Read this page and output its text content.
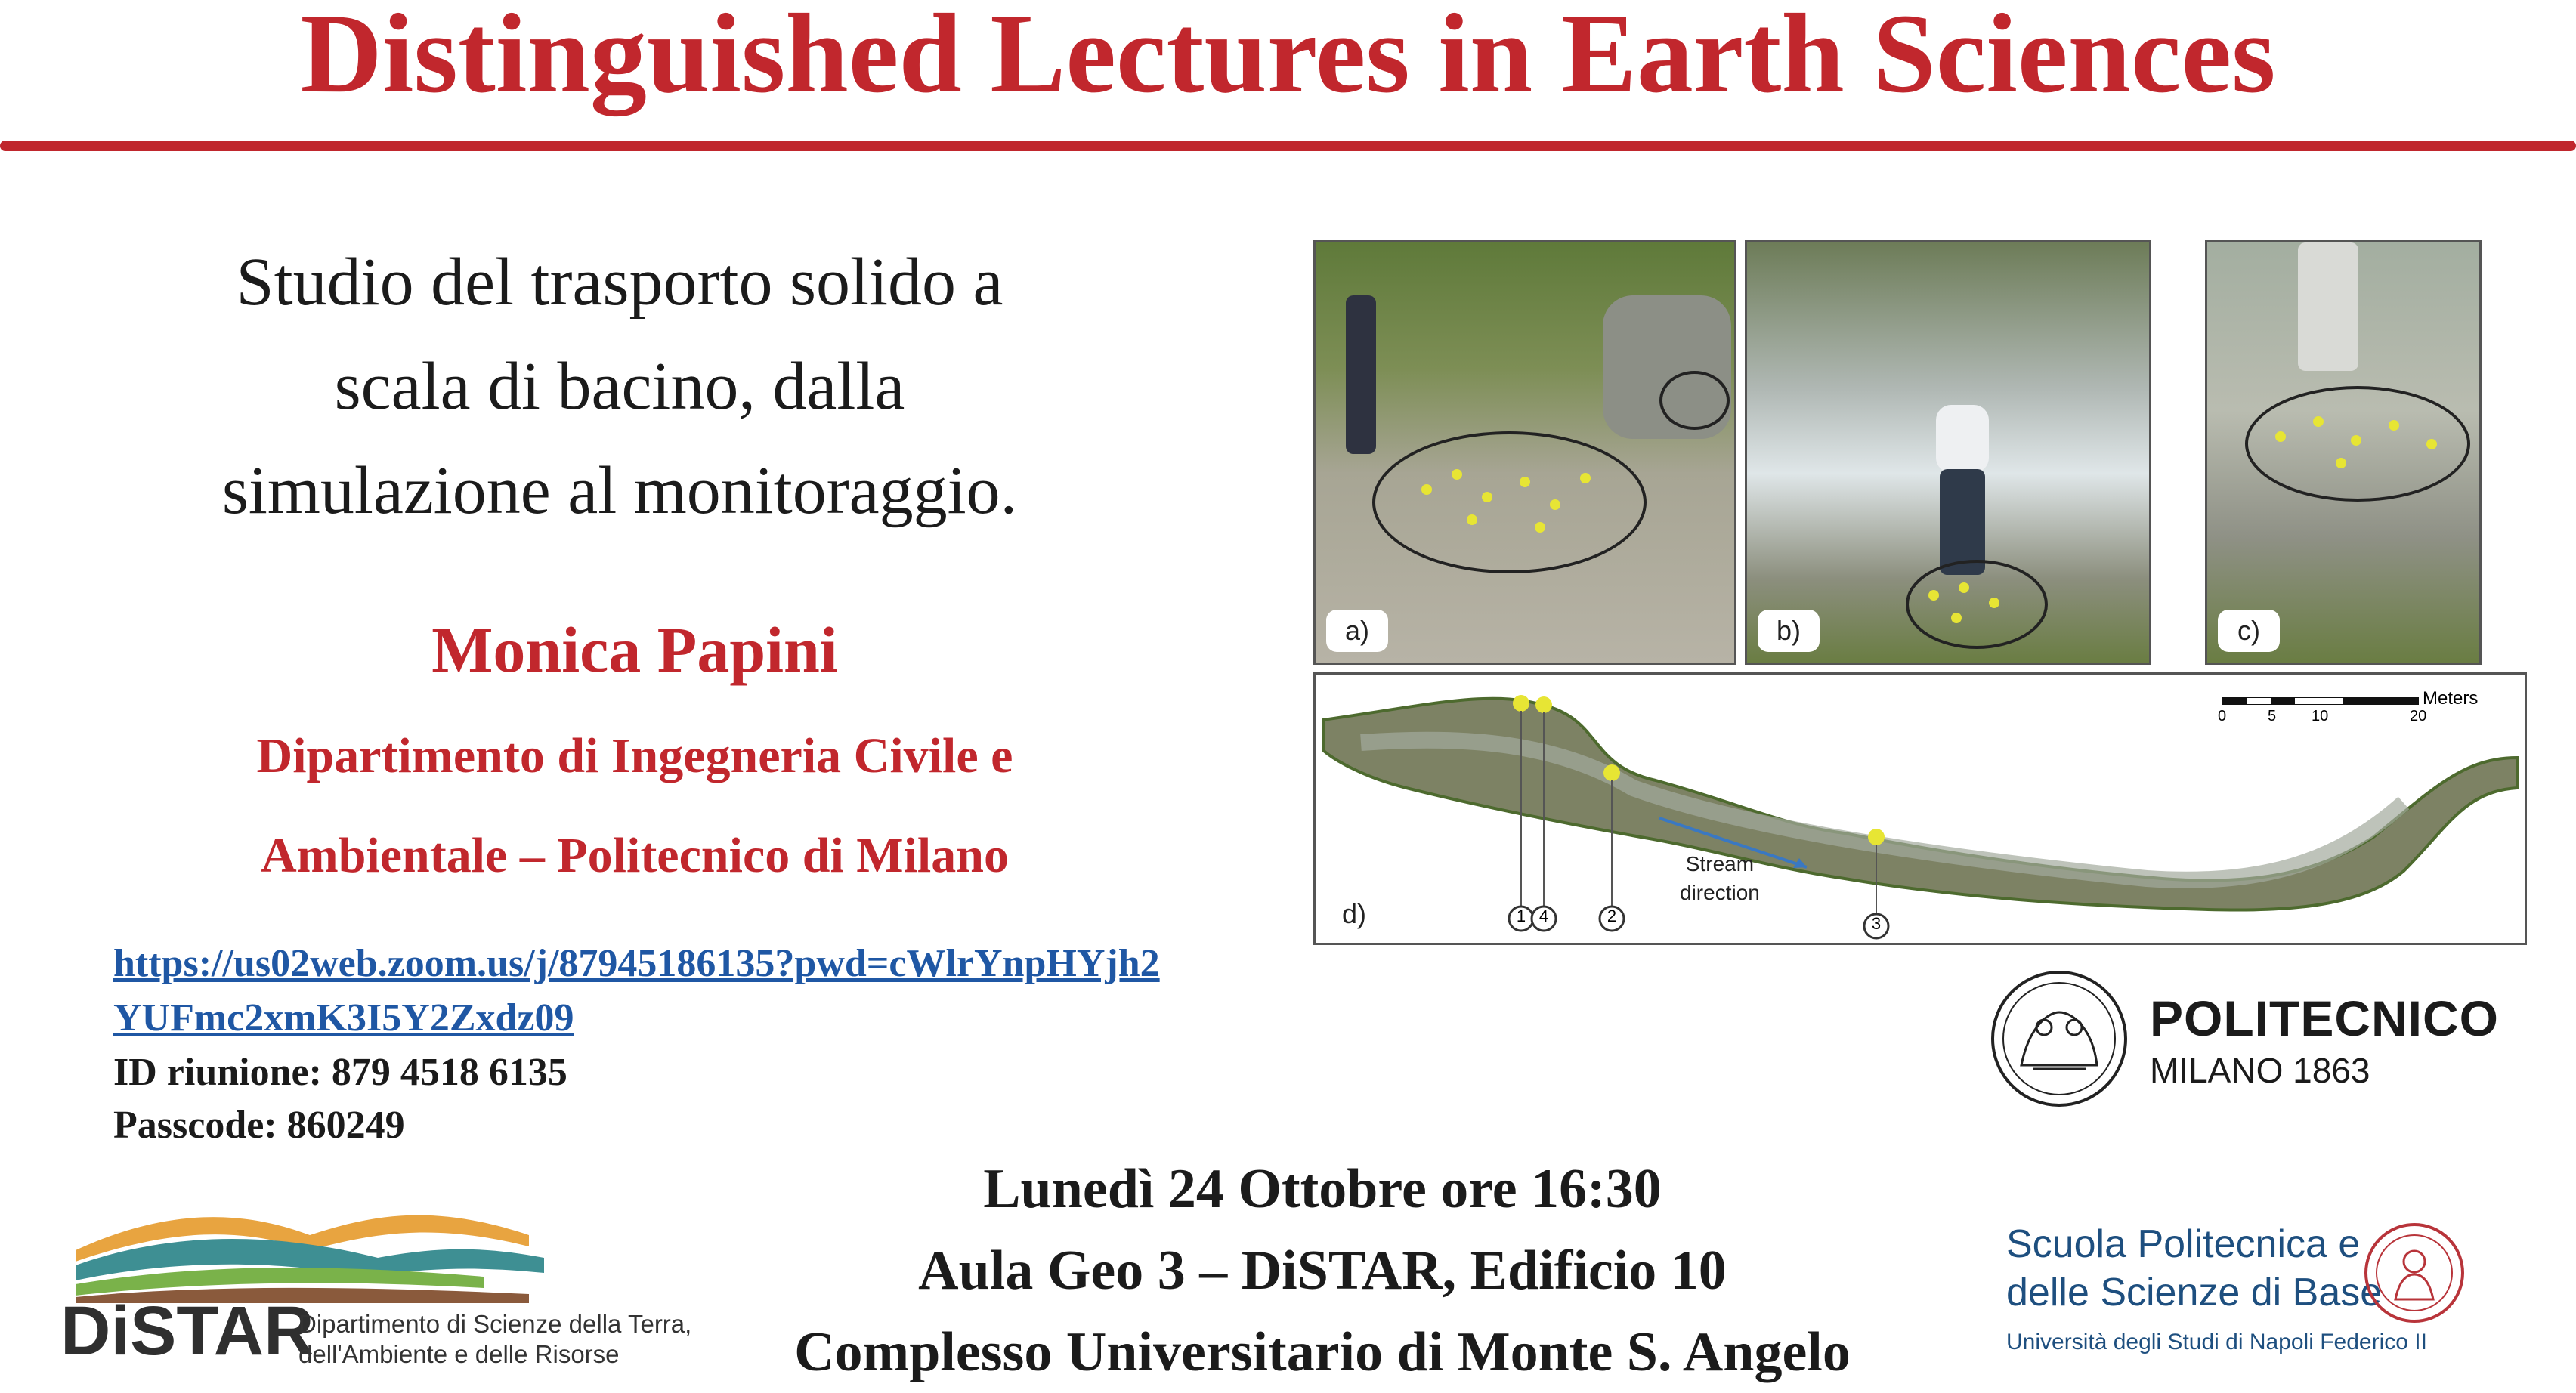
Distinguished Lectures in Earth Sciences
Studio del trasporto solido a
scala di bacino, dalla
simulazione al monitoraggio.
Monica Papini
Dipartimento di Ingegneria Civile e
Ambientale – Politecnico di Milano
https://us02web.zoom.us/j/87945186135?pwd=cWlrYnpHYjh2
YUFmc2xmK3I5Y2Zxdz09
ID riunione: 879 4518 6135
Passcode: 860249
Lunedì 24 Ottobre ore 16:30
Aula Geo 3 – DiSTAR, Edificio 10
Complesso Universitario di Monte S. Angelo
a)	b)	c)
1 4	2	3
Meters
0	5 10	20
Stream
direction
d)
POLITECNICO
MILANO 1863
DiSTAR
Dipartimento di Scienze della Terra,
dell'Ambiente e delle Risorse
Scuola Politecnica e
delle Scienze di Base
Università degli Studi di Napoli Federico II
